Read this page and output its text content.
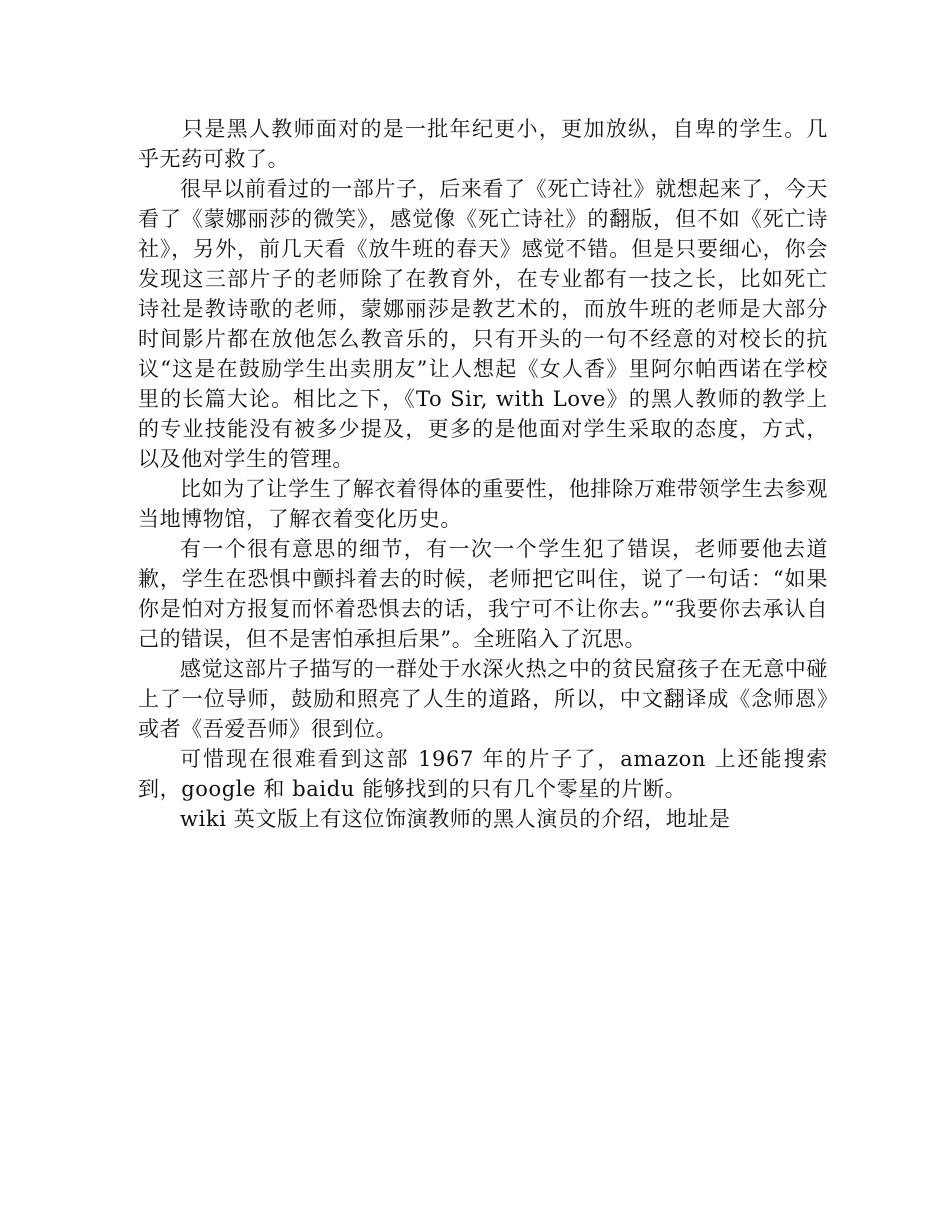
只是黑人教师面对的是一批年纪更小，更加放纵，自卑的学生。几乎无药可救了。

很早以前看过的一部片子，后来看了《死亡诗社》就想起来了，今天看了《蒙娜丽莎的微笑》，感觉像《死亡诗社》的翻版，但不如《死亡诗社》，另外，前几天看《放牛班的春天》感觉不错。但是只要细心，你会发现这三部片子的老师除了在教育外，在专业都有一技之长，比如死亡诗社是教诗歌的老师，蒙娜丽莎是教艺术的，而放牛班的老师是大部分时间影片都在放他怎么教音乐的，只有开头的一句不经意的对校长的抗议“这是在鼓励学生出卖朋友”让人想起《女人香》里阿尔帕西诺在学校里的长篇大论。相比之下，《To Sir, with Love》的黑人教师的教学上的专业技能没有被多少提及，更多的是他面对学生采取的态度，方式，以及他对学生的管理。

比如为了让学生了解衣着得体的重要性，他排除万难带领学生去参观当地博物馆，了解衣着变化历史。

有一个很有意思的细节，有一次一个学生犯了错误，老师要他去道歉，学生在恐惧中颤抖着去的时候，老师把它叫住，说了一句话：“如果你是怕对方报复而怀着恐惧去的话，我宁可不让你去。”“我要你去承认自己的错误，但不是害怕承担后果”。全班陷入了沉思。

感觉这部片子描写的一群处于水深火热之中的贫民窟孩子在无意中碰上了一位导师，鼓励和照亮了人生的道路，所以，中文翻译成《念师恩》或者《吾爱吾师》很到位。

可惜现在很难看到这部 1967 年的片子了，amazon 上还能搜索到，google 和 baidu 能够找到的只有几个零星的片断。

wiki 英文版上有这位饰演教师的黑人演员的介绍，地址是
